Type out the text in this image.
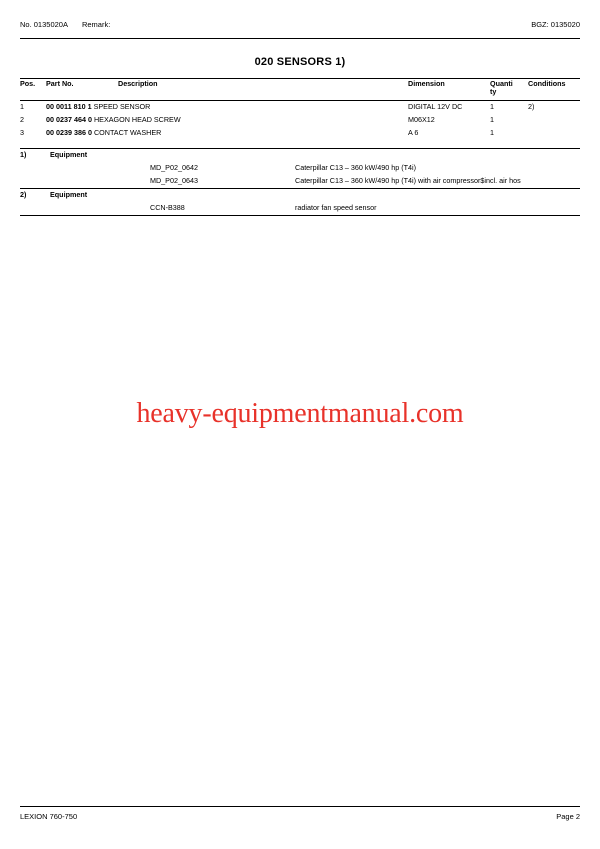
No. 0135020A Remark:	BGZ: 0135020
020 SENSORS 1)
Pos.	Part No.	Description	Dimension	Quanti
ty	Conditions
1	00 0011 810 1 SPEED SENSOR		DIGITAL 12V DC	1	2)
2	00 0237 464 0 HEXAGON HEAD SCREW		M06X12	1	
3	00 0239 386 0 CONTACT WASHER		A 6	1	
1)	Equipment		
		MD_P02_0642	Caterpillar C13 – 360 kW/490 hp (T4i)
		MD_P02_0643	Caterpillar C13 – 360 kW/490 hp (T4i) with air compressor$incl. air hos
2)	Equipment		
		CCN-B388	radiator fan speed sensor

heavy-equipmentmanual.com
LEXION 760-750	Page 2
